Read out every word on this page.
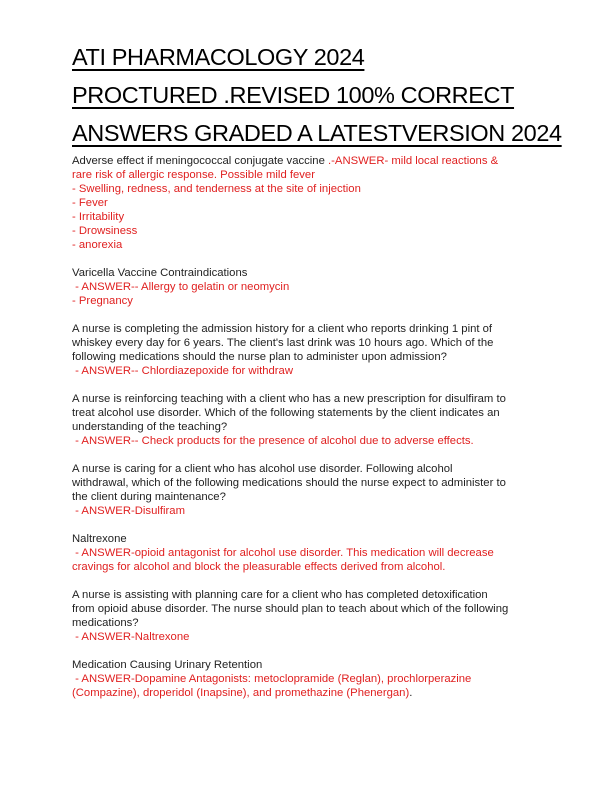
ATI PHARMACOLOGY 2024
PROCTURED .REVISED 100% CORRECT
ANSWERS GRADED A LATESTVERSION 2024
Adverse effect if meningococcal conjugate vaccine .-ANSWER- mild local reactions &
rare risk of allergic response. Possible mild fever
- Swelling, redness, and tenderness at the site of injection
- Fever
- Irritability
- Drowsiness
- anorexia
Varicella Vaccine Contraindications
- ANSWER-- Allergy to gelatin or neomycin
- Pregnancy
A nurse is completing the admission history for a client who reports drinking 1 pint of
whiskey every day for 6 years. The client's last drink was 10 hours ago. Which of the
following medications should the nurse plan to administer upon admission?
- ANSWER-- Chlordiazepoxide for withdraw
A nurse is reinforcing teaching with a client who has a new prescription for disulfiram to
treat alcohol use disorder. Which of the following statements by the client indicates an
understanding of the teaching?
- ANSWER-- Check products for the presence of alcohol due to adverse effects.
A nurse is caring for a client who has alcohol use disorder. Following alcohol
withdrawal, which of the following medications should the nurse expect to administer to
the client during maintenance?
- ANSWER-Disulfiram
Naltrexone
- ANSWER-opioid antagonist for alcohol use disorder. This medication will decrease
cravings for alcohol and block the pleasurable effects derived from alcohol.
A nurse is assisting with planning care for a client who has completed detoxification
from opioid abuse disorder. The nurse should plan to teach about which of the following
medications?
- ANSWER-Naltrexone
Medication Causing Urinary Retention
- ANSWER-Dopamine Antagonists: metoclopramide (Reglan), prochlorperazine
(Compazine), droperidol (Inapsine), and promethazine (Phenergan).
